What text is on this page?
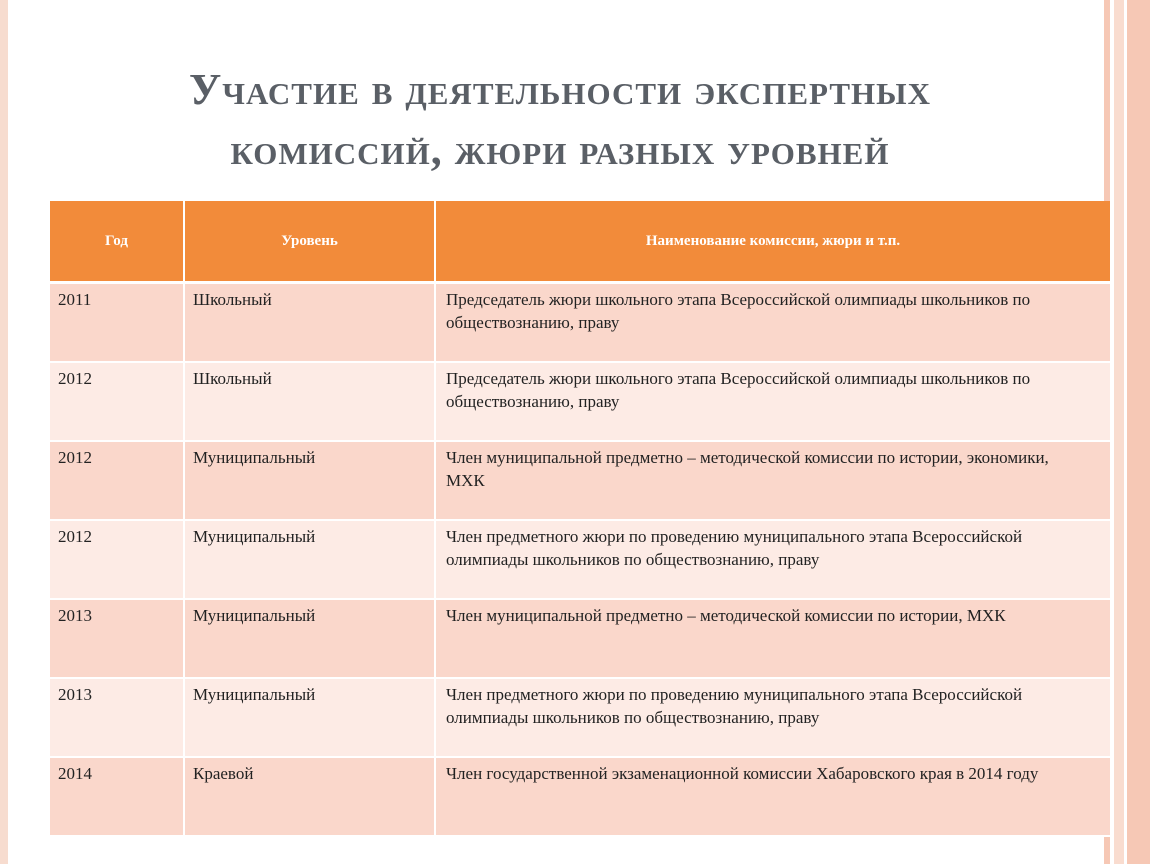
Участие в деятельности экспертных
комиссий, жюри разных уровней
Год	Уровень	Наименование комиссии, жюри и т.п.
2011	Школьный	Председатель жюри школьного этапа Всероссийской олимпиады школьников по обществознанию, праву
2012	Школьный	Председатель жюри школьного этапа Всероссийской олимпиады школьников по обществознанию, праву
2012	Муниципальный	Член муниципальной предметно – методической комиссии по истории, экономики, МХК
2012	Муниципальный	Член предметного жюри по проведению муниципального этапа Всероссийской олимпиады школьников по обществознанию, праву
2013	Муниципальный	Член муниципальной предметно – методической комиссии по истории, МХК
2013	Муниципальный	Член предметного жюри по проведению муниципального этапа Всероссийской олимпиады школьников по обществознанию, праву
2014	Краевой	Член государственной экзаменационной комиссии Хабаровского края в 2014 году
